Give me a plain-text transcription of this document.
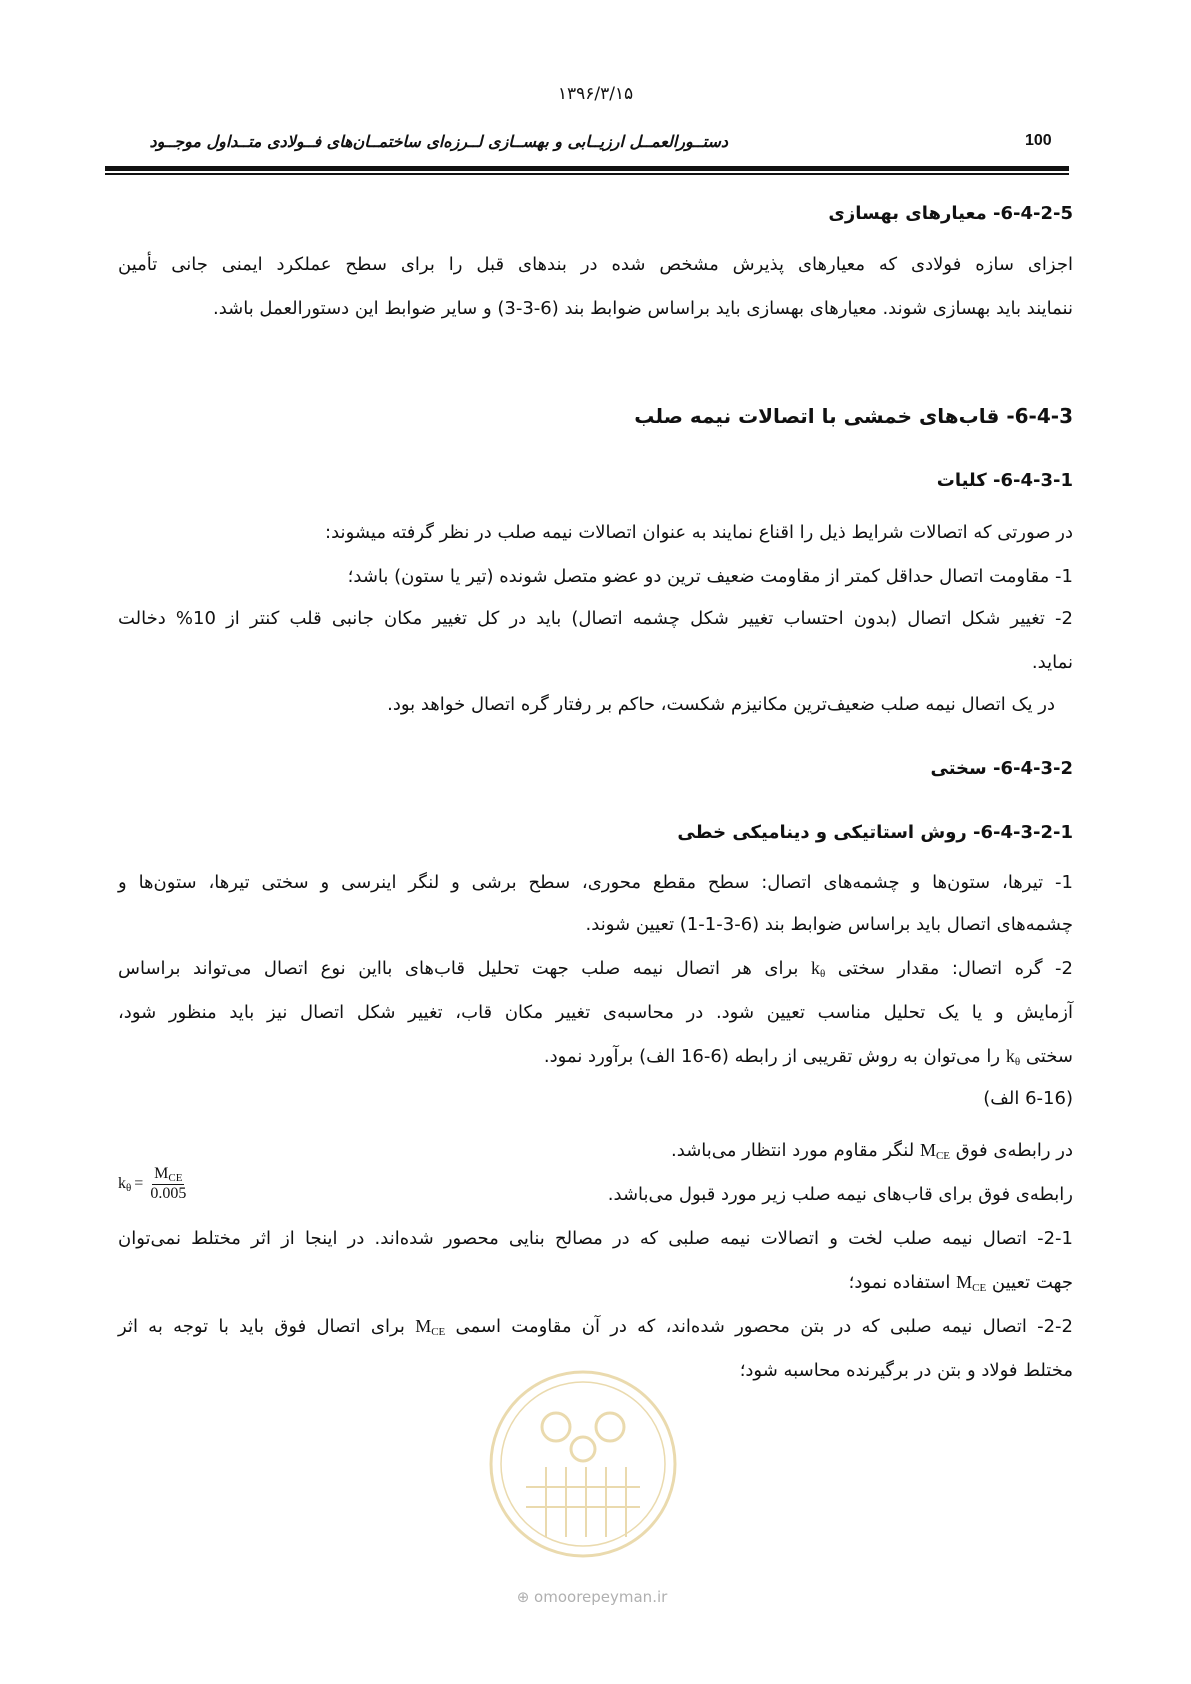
۱۳۹۶/۳/۱۵
دستــورالعمــل ارزیــابی و بهســازی لــرزه‌ای ساختمــان‌های فــولادی متــداول موجــود	100
6-4-2-5- معیارهای بهسازی
اجزای سازه فولادی که معیارهای پذیرش مشخص شده در بندهای قبل را برای سطح عملکرد ایمنی جانی تأمین
ننمایند باید بهسازی شوند. معیارهای بهسازی باید براساس ضوابط بند (6-3-3) و سایر ضوابط این دستورالعمل باشد.
6-4-3- قاب‌های خمشی با اتصالات نیمه صلب
6-4-3-1- کلیات
در صورتی که اتصالات شرایط ذیل را اقناع نمایند به عنوان اتصالات نیمه صلب در نظر گرفته میشوند:
1- مقاومت اتصال حداقل کمتر از مقاومت ضعیف ترین دو عضو متصل شونده (تیر یا ستون) باشد؛
2- تغییر شکل اتصال (بدون احتساب تغییر شکل چشمه اتصال) باید در کل تغییر مکان جانبی قلب کنتر از 10% دخالت
نماید.
در یک اتصال نیمه صلب ضعیف‌ترین مکانیزم شکست، حاکم بر رفتار گره اتصال خواهد بود.
6-4-3-2- سختی
6-4-3-2-1- روش استاتیکی و دینامیکی خطی
1- تیرها، ستون‌ها و چشمه‌های اتصال: سطح مقطع محوری، سطح برشی و لنگر اینرسی و سختی تیرها، ستون‌ها و
چشمه‌های اتصال باید براساس ضوابط بند (6-3-1-1) تعیین شوند.
2- گره اتصال: مقدار سختی $k_\theta$ برای هر اتصال نیمه صلب جهت تحلیل قاب‌های بااین نوع اتصال می‌تواند براساس
آزمایش و یا یک تحلیل مناسب تعیین شود. در محاسبه‌ی تغییر مکان قاب، تغییر شکل اتصال نیز باید منظور شود،
سختی $k_\theta$ را می‌توان به روش تقریبی از رابطه (6-16 الف) برآورد نمود.
(6-16 الف)
$k_\theta = \frac{M_{CE}}{0.005}$
در رابطه‌ی فوق $M_{CE}$ لنگر مقاوم مورد انتظار می‌باشد.
رابطه‌ی فوق برای قاب‌های نیمه صلب زیر مورد قبول می‌باشد.
2-1- اتصال نیمه صلب لخت و اتصالات نیمه صلبی که در مصالح بنایی محصور شده‌اند. در اینجا از اثر مختلط نمی‌توان
جهت تعیین $M_{CE}$ استفاده نمود؛
2-2- اتصال نیمه صلبی که در بتن محصور شده‌اند، که در آن مقاومت اسمی $M_{CE}$ برای اتصال فوق باید با توجه به اثر
مختلط فولاد و بتن در برگیرنده محاسبه شود؛
⊕ omoorepeyman.ir
